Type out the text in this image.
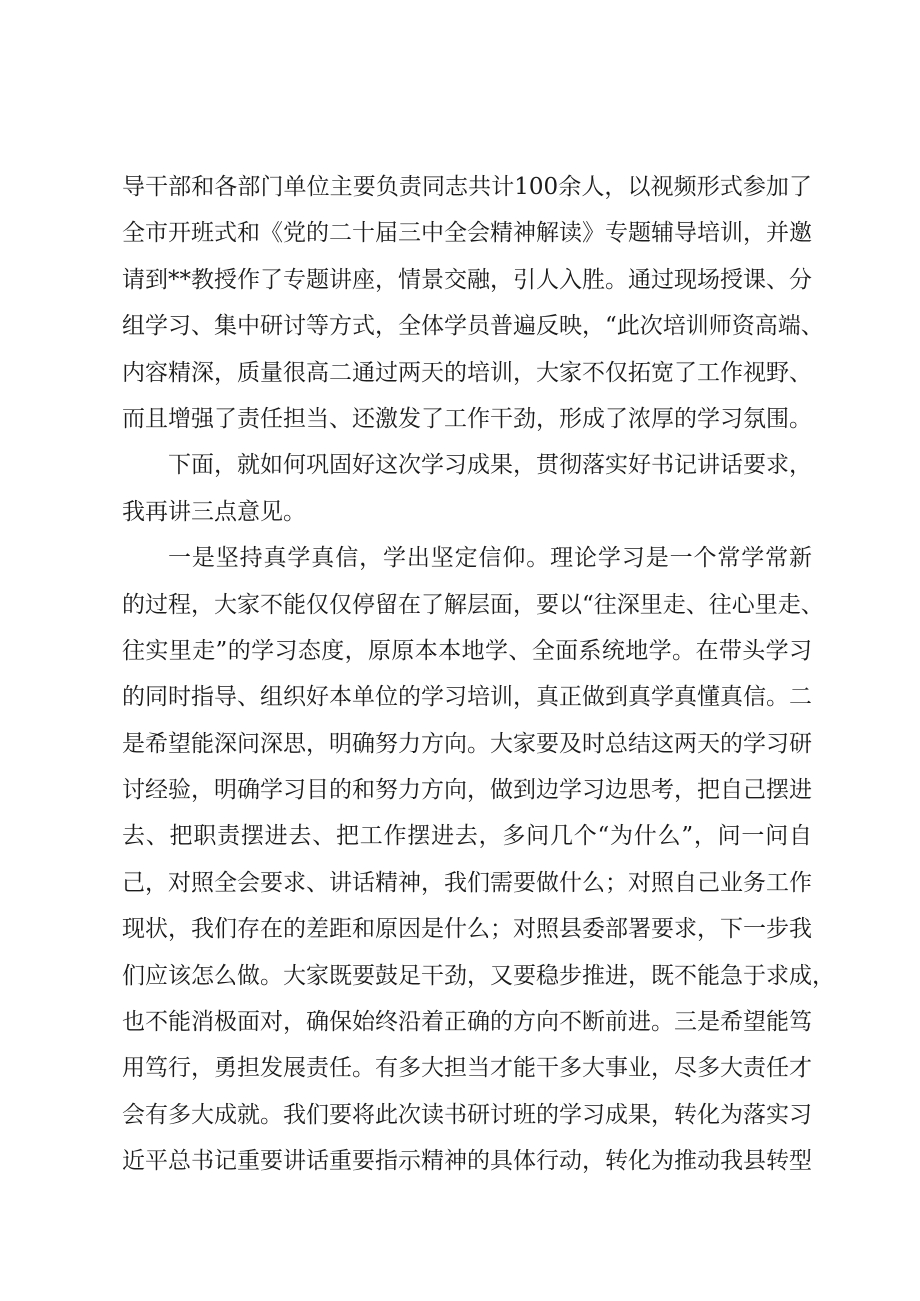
导干部和各部门单位主要负责同志共计100余人，以视频形式参加了
全市开班式和《党的二十届三中全会精神解读》专题辅导培训，并邀
请到**教授作了专题讲座，情景交融，引人入胜。通过现场授课、分
组学习、集中研讨等方式，全体学员普遍反映，“此次培训师资高端、
内容精深，质量很高二通过两天的培训，大家不仅拓宽了工作视野、
而且增强了责任担当、还激发了工作干劲，形成了浓厚的学习氛围。
下面，就如何巩固好这次学习成果，贯彻落实好书记讲话要求，
我再讲三点意见。
一是坚持真学真信，学出坚定信仰。理论学习是一个常学常新
的过程，大家不能仅仅停留在了解层面，要以“往深里走、往心里走、
往实里走”的学习态度，原原本本地学、全面系统地学。在带头学习
的同时指导、组织好本单位的学习培训，真正做到真学真懂真信。二
是希望能深问深思，明确努力方向。大家要及时总结这两天的学习研
讨经验，明确学习目的和努力方向，做到边学习边思考，把自己摆进
去、把职责摆进去、把工作摆进去，多问几个“为什么”，问一问自
己，对照全会要求、讲话精神，我们需要做什么；对照自己业务工作
现状，我们存在的差距和原因是什么；对照县委部署要求，下一步我
们应该怎么做。大家既要鼓足干劲，又要稳步推进，既不能急于求成，
也不能消极面对，确保始终沿着正确的方向不断前进。三是希望能笃
用笃行，勇担发展责任。有多大担当才能干多大事业，尽多大责任才
会有多大成就。我们要将此次读书研讨班的学习成果，转化为落实习
近平总书记重要讲话重要指示精神的具体行动，转化为推动我县转型
